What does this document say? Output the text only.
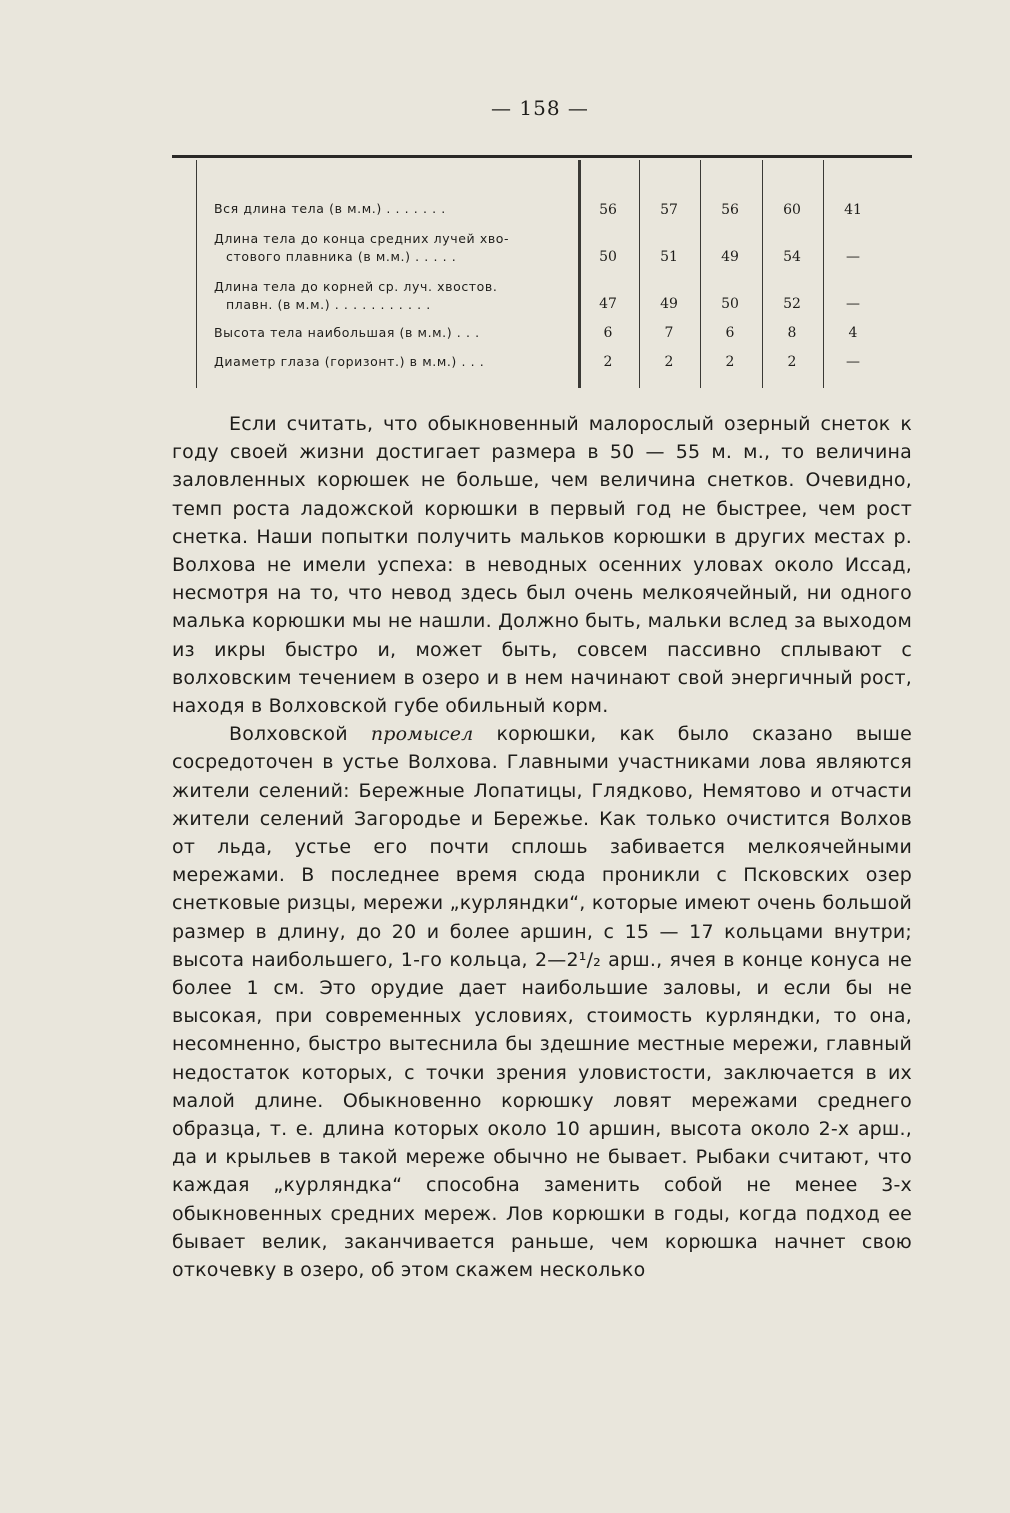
— 158 —
Вся длина тела (в м.м.) . . . . . . .	56	57	56	60	41
Длина тела до конца средних лучей хво-
стового плавника (в м.м.) . . . . .	50	51	49	54	—
Длина тела до корней ср. луч. хвостов.
плавн. (в м.м.) . . . . . . . . . . .	47	49	50	52	—
Высота тела наибольшая (в м.м.) . . .	6	7	6	8	4
Диаметр глаза (горизонт.) в м.м.) . . .	2	2	2	2	—

Если считать, что обыкновенный малорослый озерный снеток к году своей жизни достигает размера в 50 — 55 м. м., то величина заловленных корюшек не больше, чем величина снетков. Очевидно, темп роста ладожской корюшки в первый год не быстрее, чем рост снетка. Наши попытки получить мальков корюшки в других местах р. Волхова не имели успеха: в неводных осенних уловах около Иссад, несмотря на то, что невод здесь был очень мелкоячейный, ни одного малька корюшки мы не нашли. Должно быть, мальки вслед за выходом из икры быстро и, может быть, совсем пассивно сплывают с волховским течением в озеро и в нем начинают свой энергичный рост, находя в Волховской губе обильный корм.

Волховской промысел корюшки, как было сказано выше сосредоточен в устье Волхова. Главными участниками лова являются жители селений: Бережные Лопатицы, Глядково, Немятово и отчасти жители селений Загородье и Бережье. Как только очистится Волхов от льда, устье его почти сплошь забивается мелкоячейными мережами. В последнее время сюда проникли с Псковских озер снетковые ризцы, мережи „курляндки“, которые имеют очень большой размер в длину, до 20 и более аршин, с 15 — 17 кольцами внутри; высота наибольшего, 1-го кольца, 2—2¹/₂ арш., ячея в конце конуса не более 1 см. Это орудие дает наибольшие заловы, и если бы не высокая, при современных условиях, стоимость курляндки, то она, несомненно, быстро вытеснила бы здешние местные мережи, главный недостаток которых, с точки зрения уловистости, заключается в их малой длине. Обыкновенно корюшку ловят мережами среднего образца, т. е. длина которых около 10 аршин, высота около 2-х арш., да и крыльев в такой мереже обычно не бывает. Рыбаки считают, что каждая „курляндка“ способна заменить собой не менее 3-х обыкновенных средних мереж. Лов корюшки в годы, когда подход ее бывает велик, заканчивается раньше, чем корюшка начнет свою откочевку в озеро, об этом скажем несколько
